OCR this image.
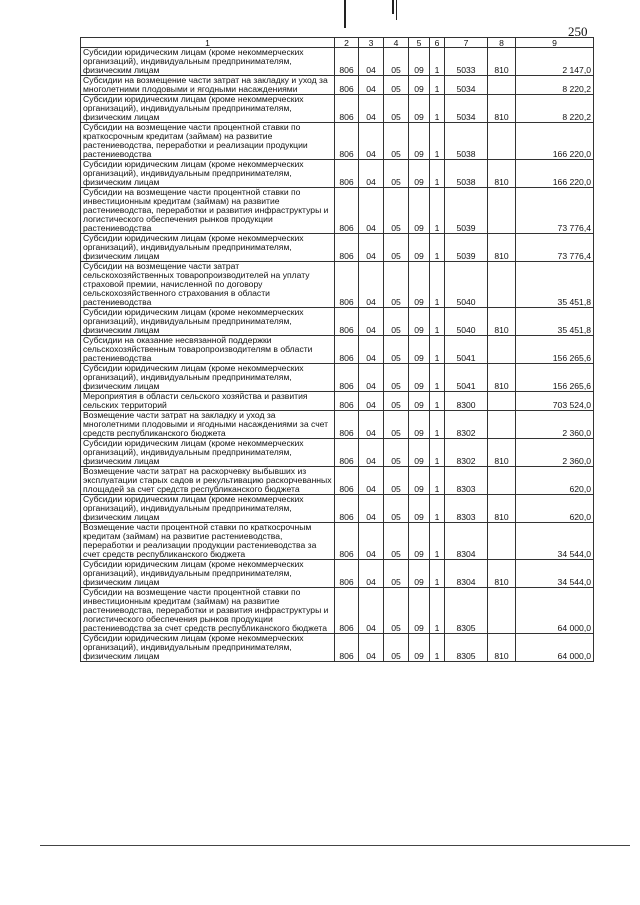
250
1	2	3	4	5	6	7	8	9
Субсидии юридическим лицам (кроме некоммерческих организаций), индивидуальным предпринимателям, физическим лицам	806	04	05	09	1	5033	810	2 147,0
Субсидии на возмещение части затрат на закладку и уход за многолетними плодовыми и ягодными насаждениями	806	04	05	09	1	5034		8 220,2
Субсидии юридическим лицам (кроме некоммерческих организаций), индивидуальным предпринимателям, физическим лицам	806	04	05	09	1	5034	810	8 220,2
Субсидии на возмещение части процентной ставки по краткосрочным кредитам (займам) на развитие растениеводства, переработки и реализации продукции растениеводства	806	04	05	09	1	5038		166 220,0
Субсидии юридическим лицам (кроме некоммерческих организаций), индивидуальным предпринимателям, физическим лицам	806	04	05	09	1	5038	810	166 220,0
Субсидии на возмещение части процентной ставки по инвестиционным кредитам (займам) на развитие растениеводства, переработки и развития инфраструктуры и логистического обеспечения рынков продукции растениеводства	806	04	05	09	1	5039		73 776,4
Субсидии юридическим лицам (кроме некоммерческих организаций), индивидуальным предпринимателям, физическим лицам	806	04	05	09	1	5039	810	73 776,4
Субсидии на возмещение части затрат сельскохозяйственных товаропроизводителей на уплату страховой премии, начисленной по договору сельскохозяйственного страхования в области растениеводства	806	04	05	09	1	5040		35 451,8
Субсидии юридическим лицам (кроме некоммерческих организаций), индивидуальным предпринимателям, физическим лицам	806	04	05	09	1	5040	810	35 451,8
Субсидии на оказание несвязанной поддержки сельскохозяйственным товаропроизводителям в области растениеводства	806	04	05	09	1	5041		156 265,6
Субсидии юридическим лицам (кроме некоммерческих организаций), индивидуальным предпринимателям, физическим лицам	806	04	05	09	1	5041	810	156 265,6
Мероприятия в области сельского хозяйства и развития сельских территорий	806	04	05	09	1	8300		703 524,0
Возмещение части затрат на закладку и уход за многолетними плодовыми и ягодными насаждениями за счет средств республиканского бюджета	806	04	05	09	1	8302		2 360,0
Субсидии юридическим лицам (кроме некоммерческих организаций), индивидуальным предпринимателям, физическим лицам	806	04	05	09	1	8302	810	2 360,0
Возмещение части затрат на раскорчевку выбывших из эксплуатации старых садов и рекультивацию раскорчеванных площадей за счет средств республиканского бюджета	806	04	05	09	1	8303		620,0
Субсидии юридическим лицам (кроме некоммерческих организаций), индивидуальным предпринимателям, физическим лицам	806	04	05	09	1	8303	810	620,0
Возмещение части процентной ставки по краткосрочным кредитам (займам) на развитие растениеводства, переработки и реализации продукции растениеводства за счет средств республиканского бюджета	806	04	05	09	1	8304		34 544,0
Субсидии юридическим лицам (кроме некоммерческих организаций), индивидуальным предпринимателям, физическим лицам	806	04	05	09	1	8304	810	34 544,0
Субсидии на возмещение части процентной ставки по инвестиционным кредитам (займам) на развитие растениеводства, переработки и развития инфраструктуры и логистического обеспечения рынков продукции растениеводства за счет средств республиканского бюджета	806	04	05	09	1	8305		64 000,0
Субсидии юридическим лицам (кроме некоммерческих организаций), индивидуальным предпринимателям, физическим лицам	806	04	05	09	1	8305	810	64 000,0
